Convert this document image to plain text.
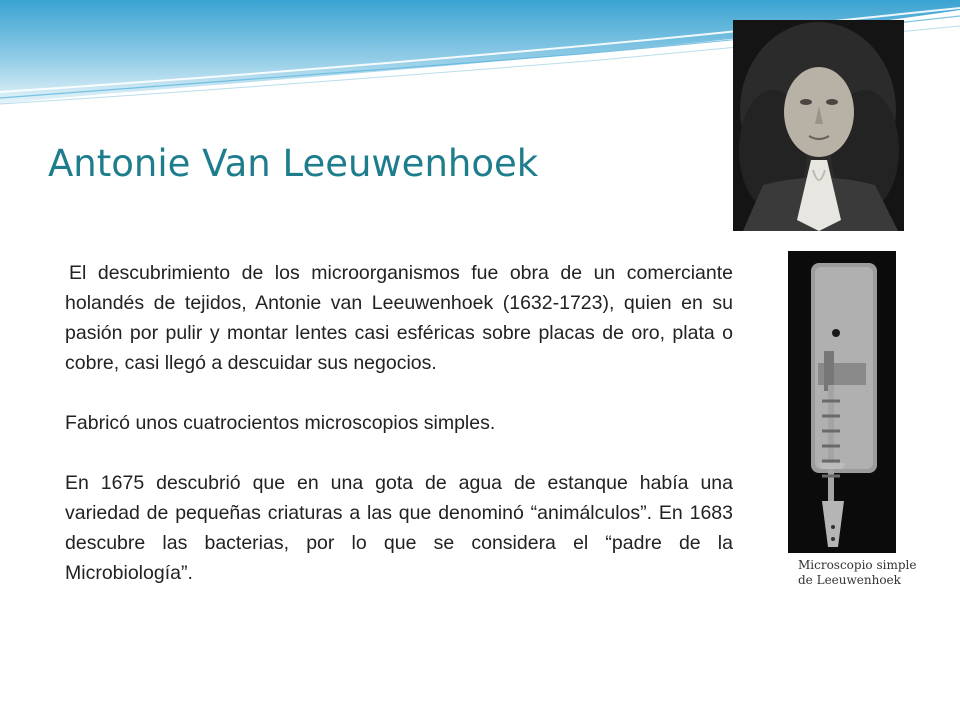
Antonie Van Leeuwenhoek

El descubrimiento de los microorganismos fue obra de un comerciante holandés de tejidos, Antonie van Leeuwenhoek (1632-1723), quien en su pasión por pulir y montar lentes casi esféricas sobre placas de oro, plata o cobre, casi llegó a descuidar sus negocios.

Fabricó unos cuatrocientos microscopios simples.

En 1675 descubrió que en una gota de agua de estanque había una variedad de pequeñas criaturas a las que denominó “animálculos”. En 1683 descubre las bacterias, por lo que se considera el “padre de la Microbiología”.	Microscopio simple
de Leeuwenhoek
